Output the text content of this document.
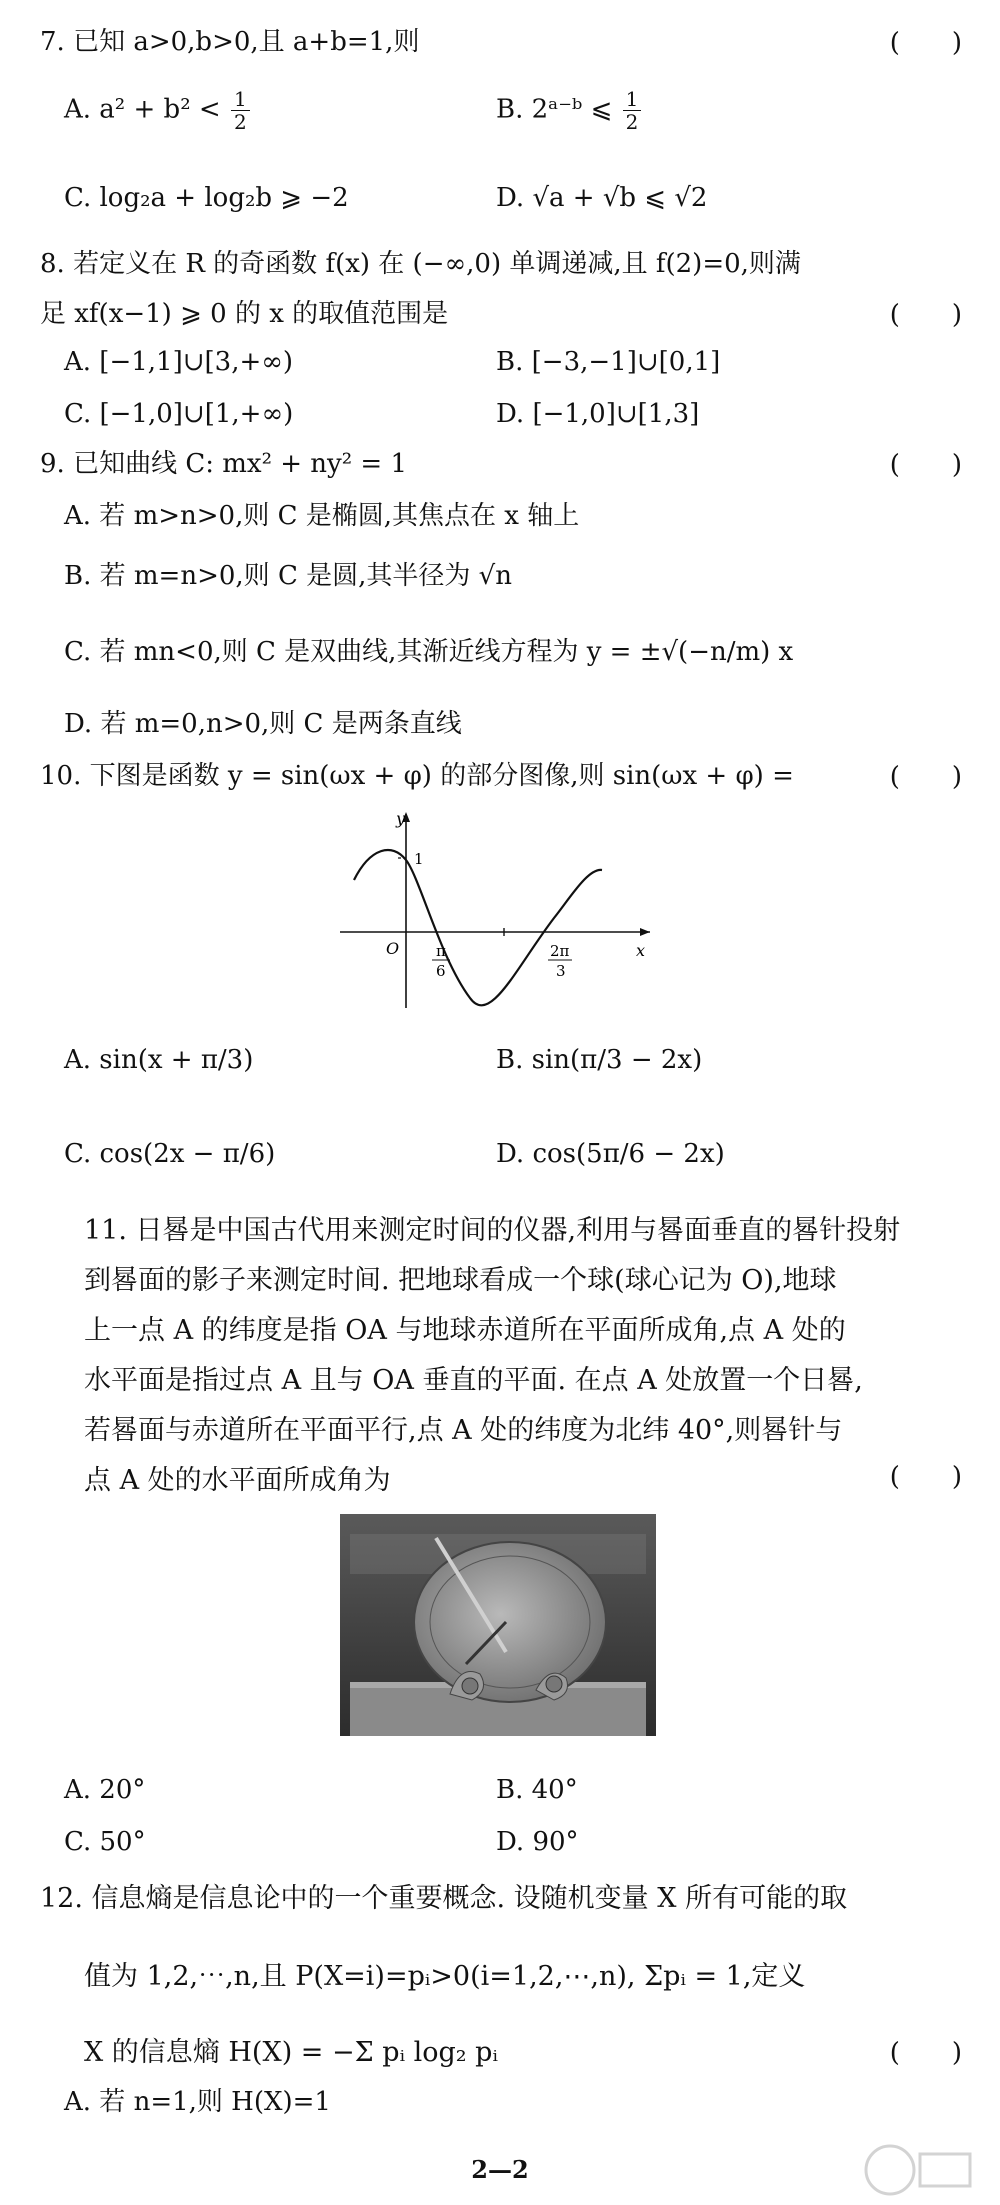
7. 已知 a>0,b>0,且 a+b=1,则	(　　)
A. $a^2 + b^2 < \frac{1}{2}$	B. 2ᵃ⁻ᵇ ⩽ $\frac{1}{2}$
C. log₂a + log₂b ⩾ −2	D. √a + √b ⩽ √2
8. 若定义在 R 的奇函数 f(x) 在 (−∞,0) 单调递减,且 f(2)=0,则满
足 xf(x−1) ⩾ 0 的 x 的取值范围是	(　　)
A. [−1,1]∪[3,+∞)	B. [−3,−1]∪[0,1]
C. [−1,0]∪[1,+∞)	D. [−1,0]∪[1,3]
9. 已知曲线 C: mx² + ny² = 1	(　　)
A. 若 m>n>0,则 C 是椭圆,其焦点在 x 轴上
B. 若 m=n>0,则 C 是圆,其半径为 √n
C. 若 mn<0,则 C 是双曲线,其渐近线方程为 y = ±√(−n/m) x
D. 若 m=0,n>0,则 C 是两条直线
10. 下图是函数 y = sin(ωx + φ) 的部分图像,则 sin(ωx + φ) =	(　　)
y
x
O
1
π
6
2π
3
A. sin(x + π/3)	B. sin(π/3 − 2x)
C. cos(2x − π/6)	D. cos(5π/6 − 2x)
11. 日晷是中国古代用来测定时间的仪器,利用与晷面垂直的晷针投射
到晷面的影子来测定时间. 把地球看成一个球(球心记为 O),地球
上一点 A 的纬度是指 OA 与地球赤道所在平面所成角,点 A 处的
水平面是指过点 A 且与 OA 垂直的平面. 在点 A 处放置一个日晷,
若晷面与赤道所在平面平行,点 A 处的纬度为北纬 40°,则晷针与
点 A 处的水平面所成角为	(　　)
A. 20°	B. 40°
C. 50°	D. 90°
12. 信息熵是信息论中的一个重要概念. 设随机变量 X 所有可能的取
值为 1,2,⋯,n,且 P(X=i)=pᵢ>0(i=1,2,⋯,n), Σpᵢ = 1,定义
X 的信息熵 H(X) = −Σ pᵢ log₂ pᵢ	(　　)
A. 若 n=1,则 H(X)=1
2—2
